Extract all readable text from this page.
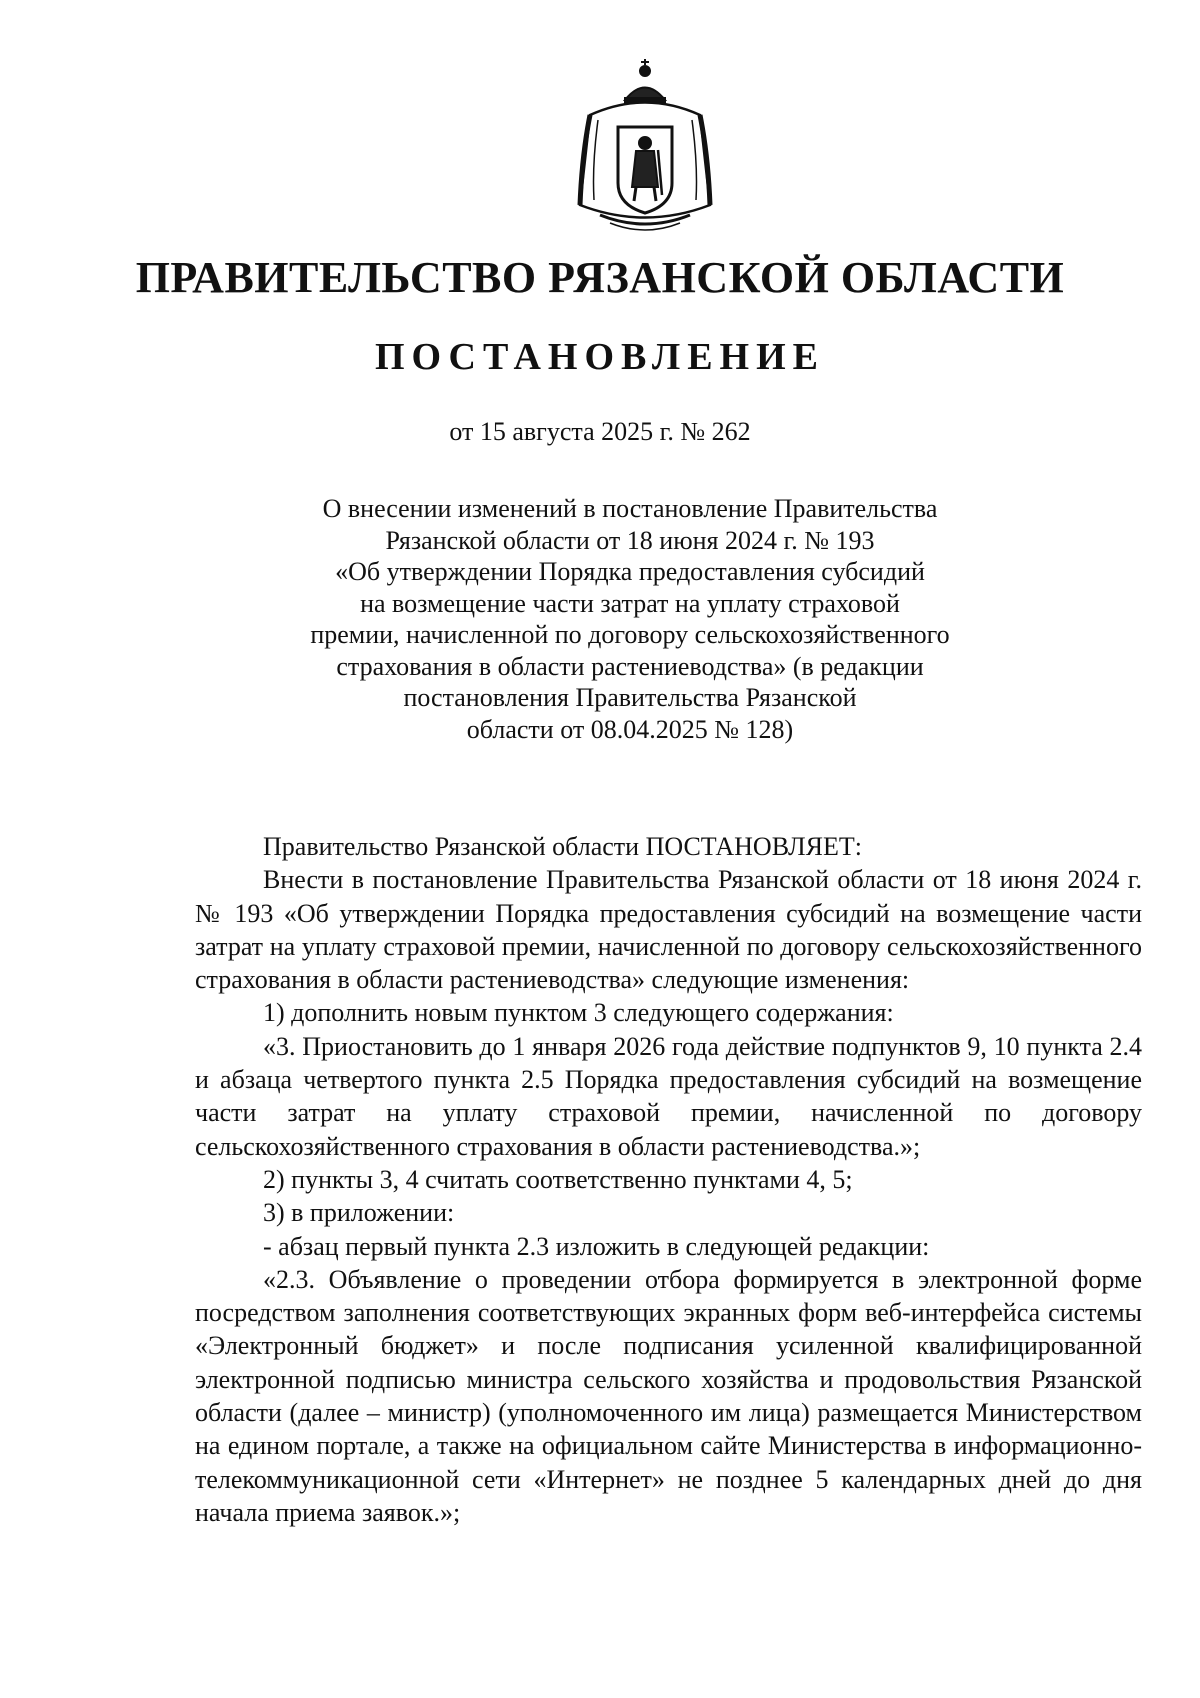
ПРАВИТЕЛЬСТВО РЯЗАНСКОЙ ОБЛАСТИ
ПОСТАНОВЛЕНИЕ

от 15 августа 2025 г. № 262

О внесении изменений в постановление Правительства
Рязанской области от 18 июня 2024 г. № 193
«Об утверждении Порядка предоставления субсидий
на возмещение части затрат на уплату страховой
премии, начисленной по договору сельскохозяйственного
страхования в области растениеводства» (в редакции
постановления Правительства Рязанской
области от 08.04.2025 № 128)

Правительство Рязанской области ПОСТАНОВЛЯЕТ:

Внести в постановление Правительства Рязанской области от 18 июня 2024 г. № 193 «Об утверждении Порядка предоставления субсидий на возмещение части затрат на уплату страховой премии, начисленной по договору сельскохозяйственного страхования в области растениеводства» следующие изменения:

1) дополнить новым пунктом 3 следующего содержания:

«3. Приостановить до 1 января 2026 года действие подпунктов 9, 10 пункта 2.4 и абзаца четвертого пункта 2.5 Порядка предоставления субсидий на возмещение части затрат на уплату страховой премии, начисленной по договору сельскохозяйственного страхования в области растениеводства.»;

2) пункты 3, 4 считать соответственно пунктами 4, 5;

3) в приложении:

- абзац первый пункта 2.3 изложить в следующей редакции:

«2.3. Объявление о проведении отбора формируется в электронной форме посредством заполнения соответствующих экранных форм веб-интерфейса системы «Электронный бюджет» и после подписания усиленной квалифицированной электронной подписью министра сельского хозяйства и продовольствия Рязанской области (далее – министр) (уполномоченного им лица) размещается Министерством на едином портале, а также на официальном сайте Министерства в информационно-телекоммуникационной сети «Интернет» не позднее 5 календарных дней до дня начала приема заявок.»;
